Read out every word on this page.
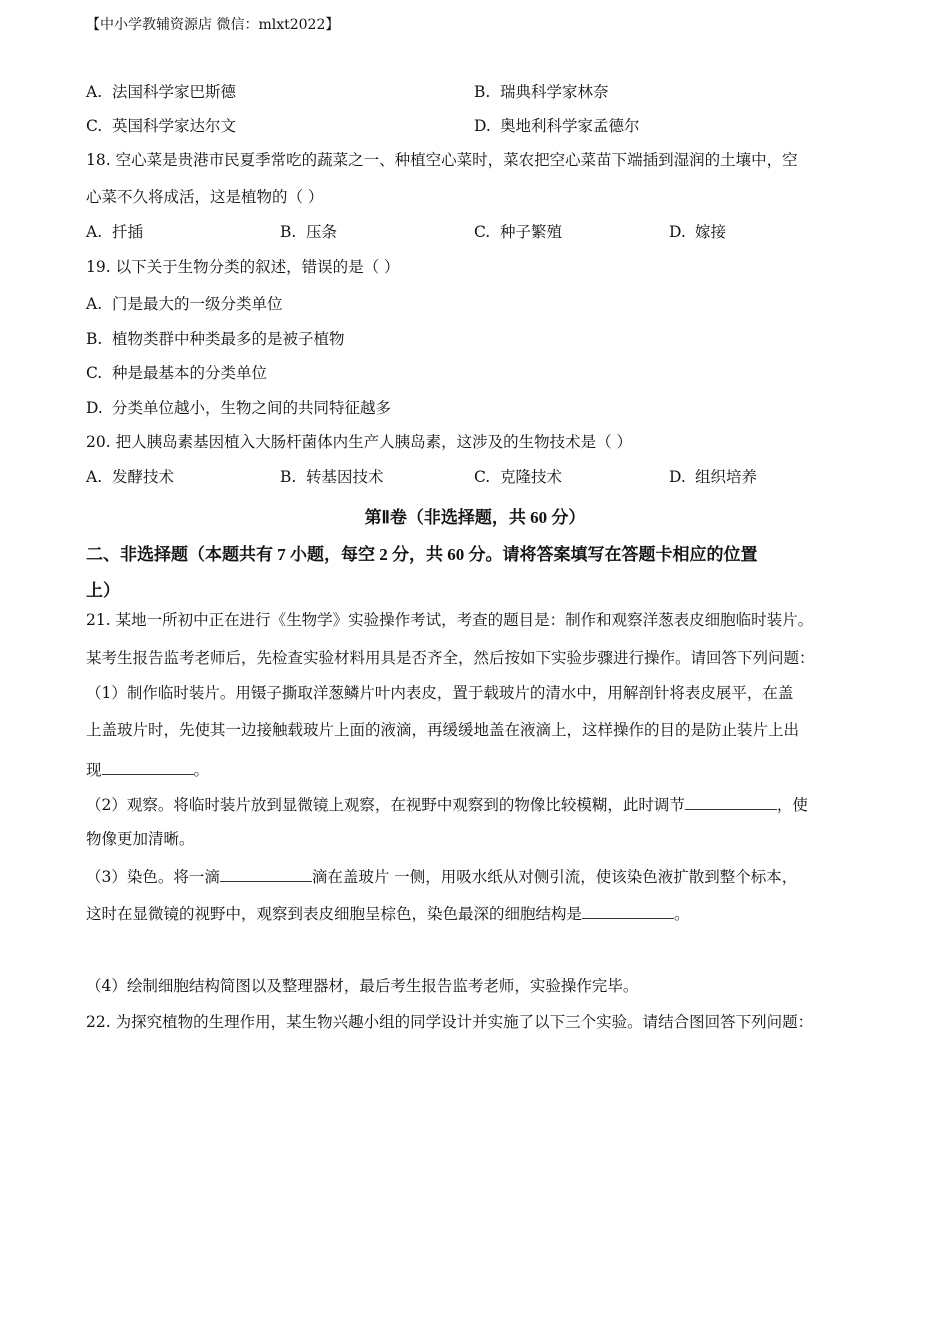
【中小学教辅资源店 微信：mlxt2022】
A. 法国科学家巴斯德	B. 瑞典科学家林奈
C. 英国科学家达尔文	D. 奥地利科学家孟德尔
18. 空心菜是贵港市民夏季常吃的蔬菜之一、种植空心菜时，菜农把空心菜苗下端插到湿润的土壤中，空
心菜不久将成活，这是植物的（ ）
A. 扦插	B. 压条	C. 种子繁殖	D. 嫁接
19. 以下关于生物分类的叙述，错误的是（ ）
A. 门是最大的一级分类单位
B. 植物类群中种类最多的是被子植物
C. 种是最基本的分类单位
D. 分类单位越小，生物之间的共同特征越多
20. 把人胰岛素基因植入大肠杆菌体内生产人胰岛素，这涉及的生物技术是（ ）
A. 发酵技术	B. 转基因技术	C. 克隆技术	D. 组织培养
第Ⅱ卷（非选择题，共 60 分）
二、非选择题（本题共有 7 小题，每空 2 分，共 60 分。请将答案填写在答题卡相应的位置
上）
21. 某地一所初中正在进行《生物学》实验操作考试，考查的题目是：制作和观察洋葱表皮细胞临时装片。
某考生报告监考老师后，先检查实验材料用具是否齐全，然后按如下实验步骤进行操作。请回答下列问题：
（1）制作临时装片。用镊子撕取洋葱鳞片叶内表皮，置于载玻片的清水中，用解剖针将表皮展平，在盖
上盖玻片时，先使其一边接触载玻片上面的液滴，再缓缓地盖在液滴上，这样操作的目的是防止装片上出
现	。
（2）观察。将临时装片放到显微镜上观察，在视野中观察到的物像比较模糊，此时调节	，使
物像更加清晰。
（3）染色。将一滴	滴在盖玻片 一侧，用吸水纸从对侧引流，使该染色液扩散到整个标本，
这时在显微镜的视野中，观察到表皮细胞呈棕色，染色最深的细胞结构是	。
（4）绘制细胞结构简图以及整理器材，最后考生报告监考老师，实验操作完毕。
22. 为探究植物的生理作用，某生物兴趣小组的同学设计并实施了以下三个实验。请结合图回答下列问题：
